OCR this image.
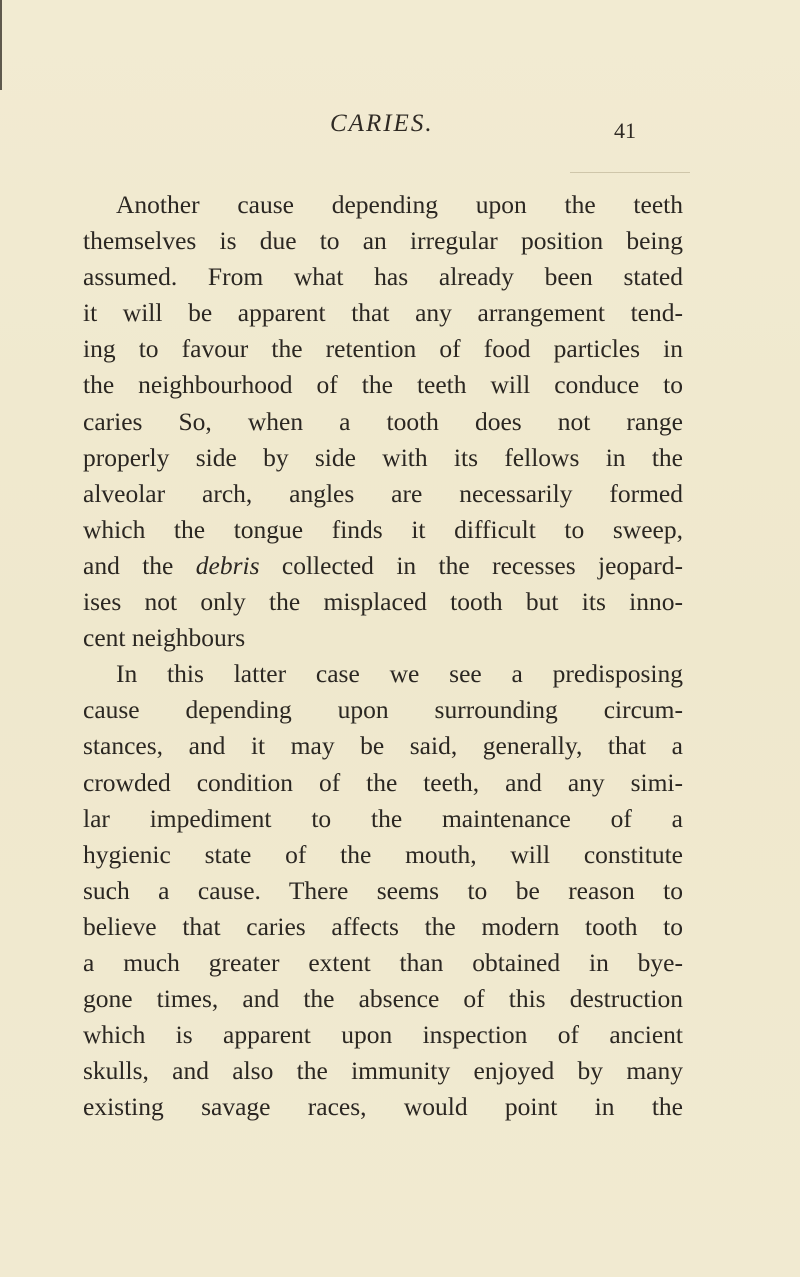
CARIES.	41
Another cause depending upon the teeth
themselves is due to an irregular position being
assumed. From what has already been stated
it will be apparent that any arrangement tend-
ing to favour the retention of food particles in
the neighbourhood of the teeth will conduce to
caries So, when a tooth does not range
properly side by side with its fellows in the
alveolar arch, angles are necessarily formed
which the tongue finds it difficult to sweep,
and the debris collected in the recesses jeopard-
ises not only the misplaced tooth but its inno-
cent neighbours
In this latter case we see a predisposing
cause depending upon surrounding circum-
stances, and it may be said, generally, that a
crowded condition of the teeth, and any simi-
lar impediment to the maintenance of a
hygienic state of the mouth, will constitute
such a cause. There seems to be reason to
believe that caries affects the modern tooth to
a much greater extent than obtained in bye-
gone times, and the absence of this destruction
which is apparent upon inspection of ancient
skulls, and also the immunity enjoyed by many
existing savage races, would point in the
